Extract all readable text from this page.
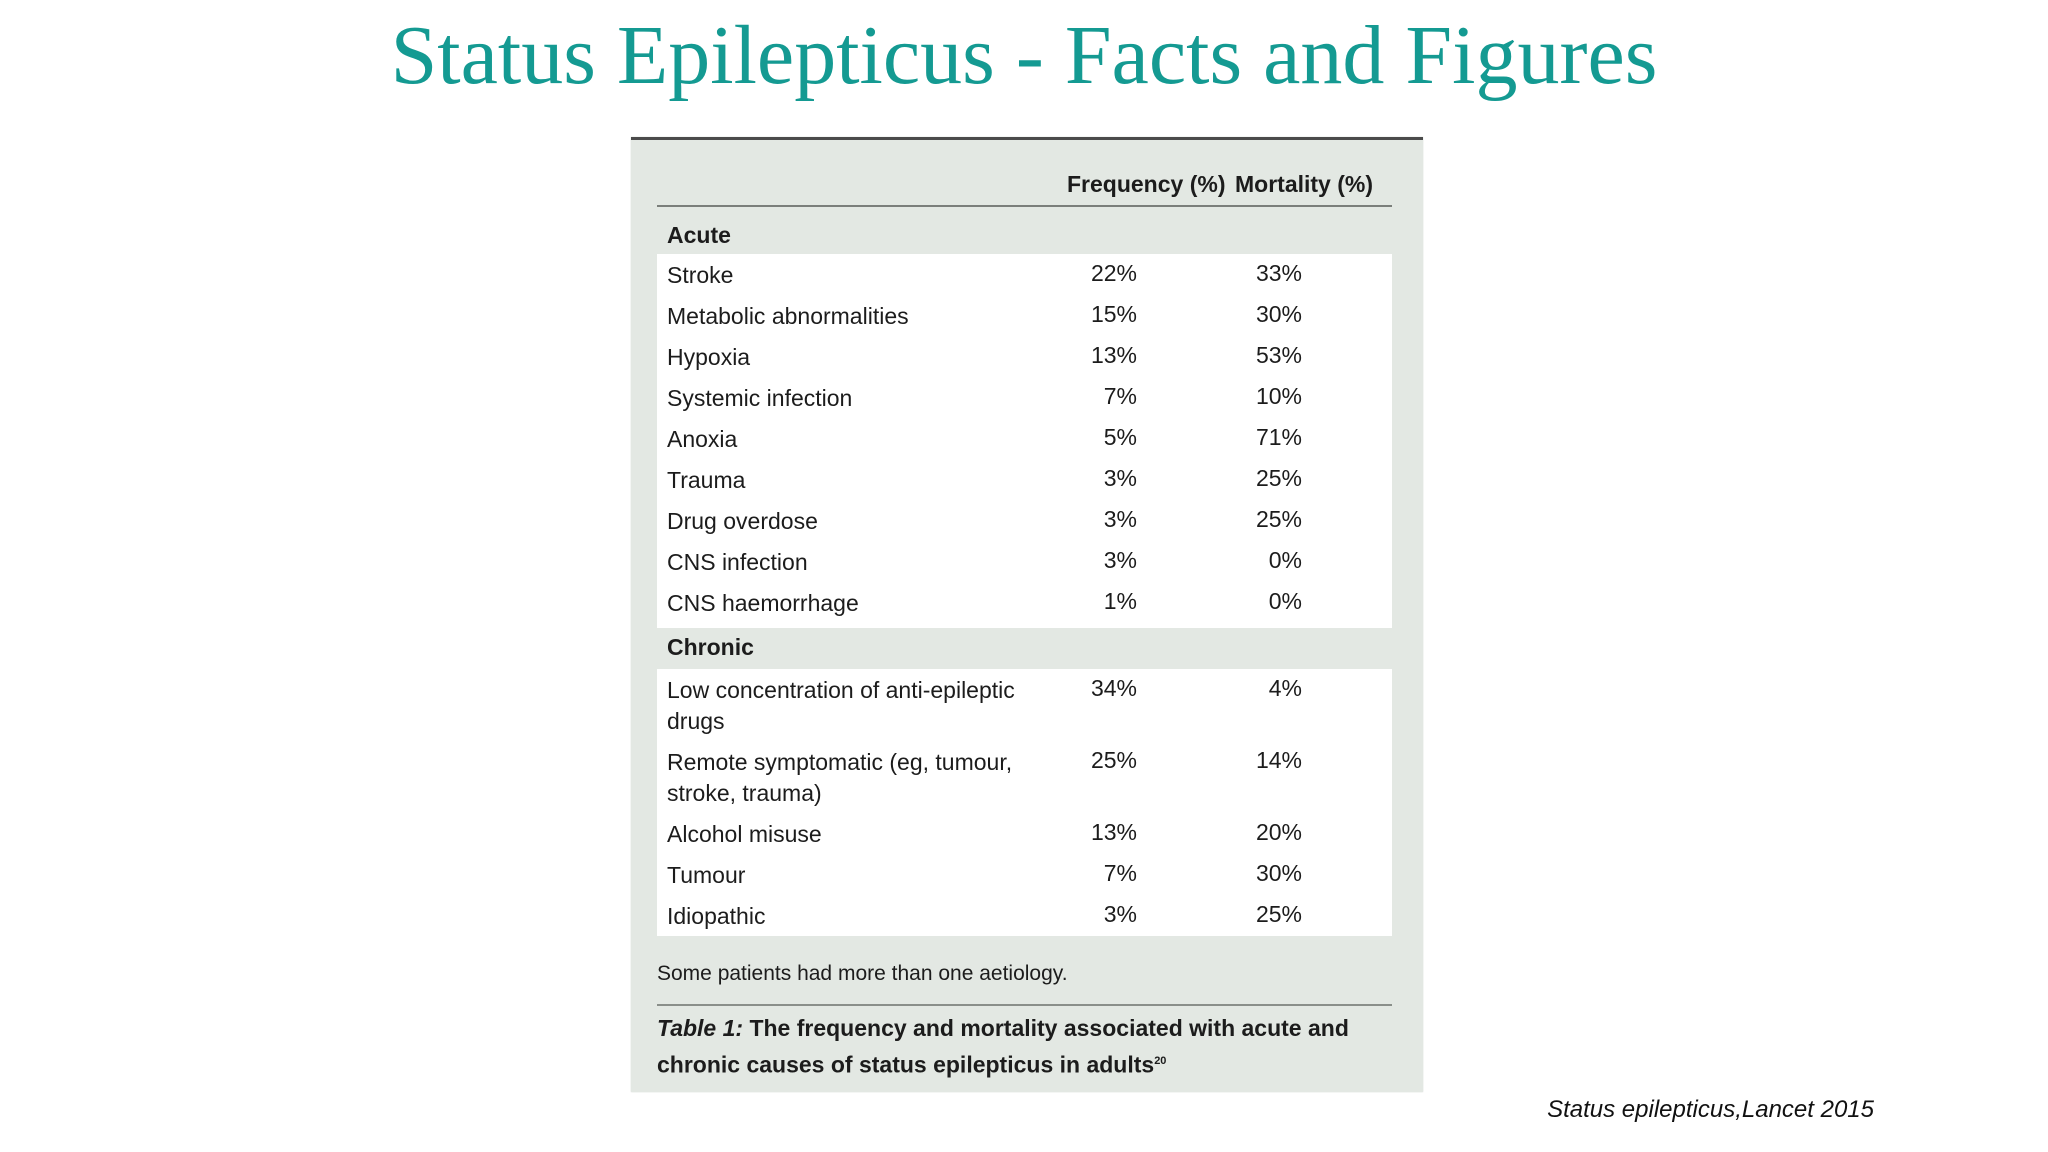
Status Epilepticus - Facts and Figures
Frequency (%) Mortality (%)
Acute
Stroke	22%	33%
Metabolic abnormalities	15%	30%
Hypoxia	13%	53%
Systemic infection	7%	10%
Anoxia	5%	71%
Trauma	3%	25%
Drug overdose	3%	25%
CNS infection	3%	0%
CNS haemorrhage	1%	0%
Chronic
Low concentration of anti-epileptic drugs
34%	4%
Remote symptomatic (eg, tumour, stroke, trauma)
25%	14%
Alcohol misuse	13%	20%
Tumour	7%	30%
Idiopathic	3%	25%
Some patients had more than one aetiology.
Table 1: The frequency and mortality associated with acute and chronic causes of status epilepticus in adults$^{20}$
Status epilepticus,Lancet 2015
